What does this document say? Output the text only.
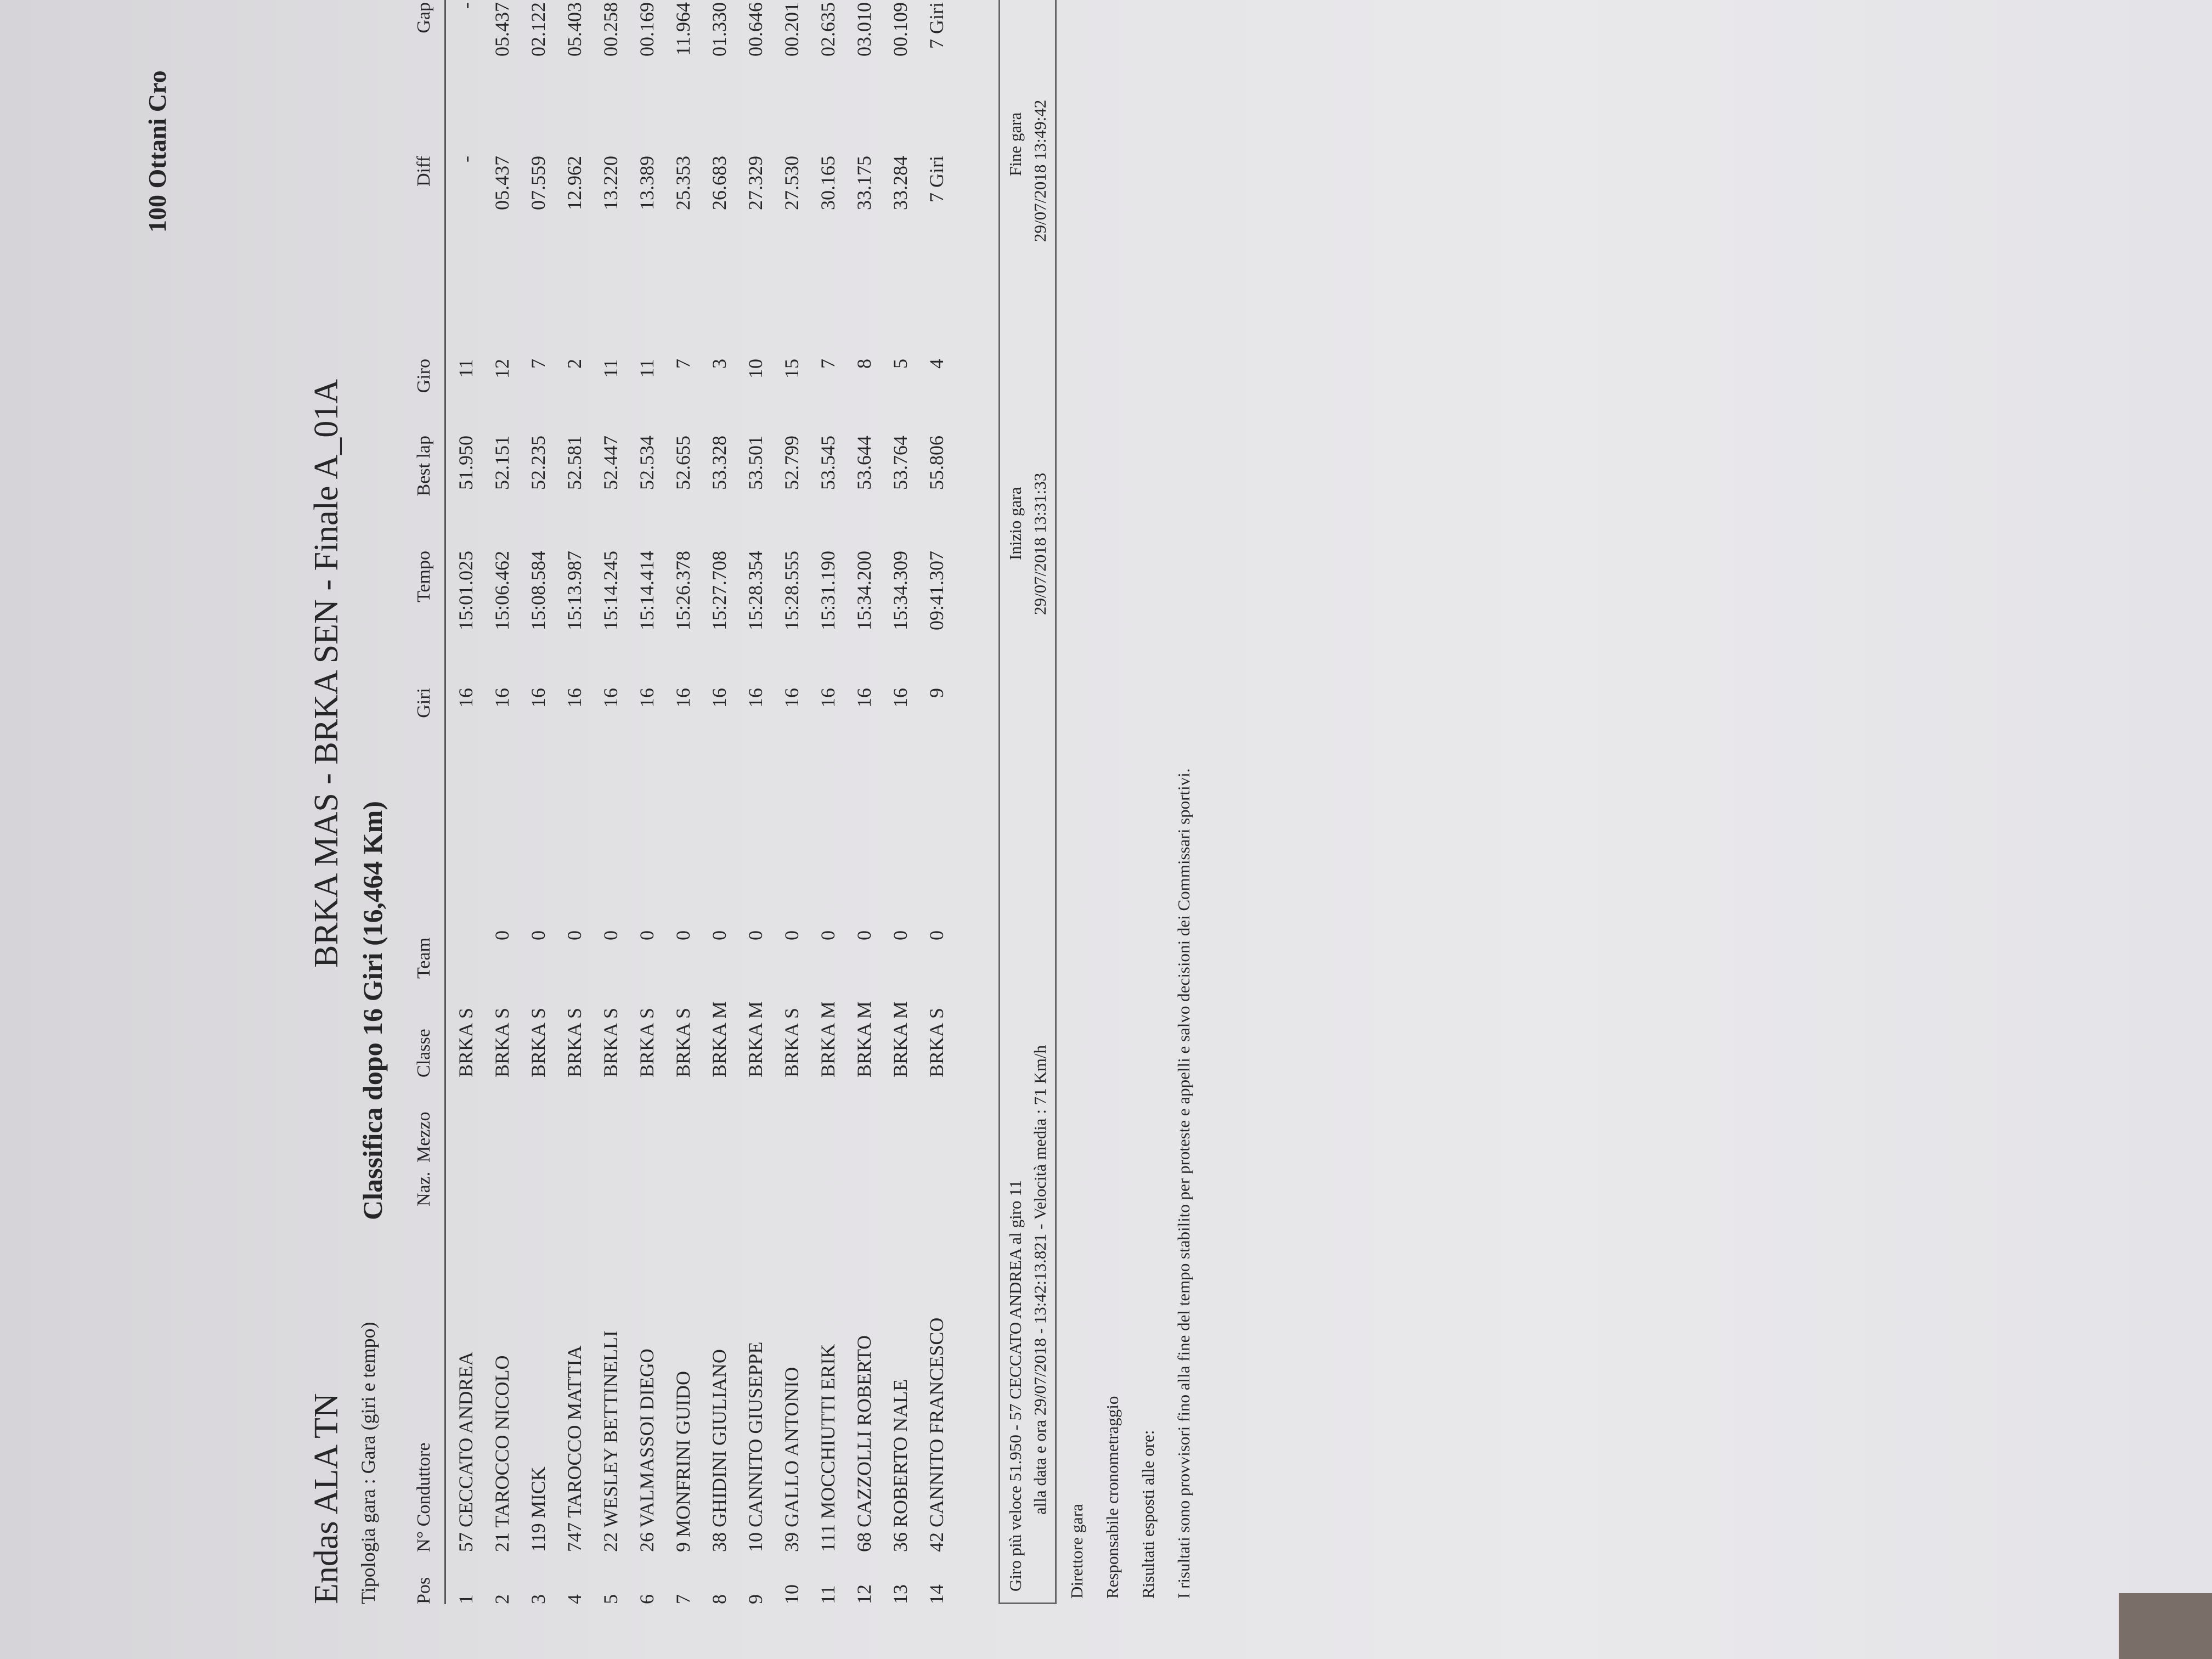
100 Ottani Cro
Endas ALA TN
BRKA MAS - BRKA SEN - Finale A_01A
Tipologia gara : Gara (giri e tempo)
Classifica dopo 16 Giri (16,464 Km)
Pos
N° Conduttore
Naz.
Mezzo
Classe
Team
Giri
Tempo
Best lap
Giro
Diff
Gap
1
57 CECCATO ANDREA
BRKA S
16
15:01.025
51.950
11
-
-
2
21 TAROCCO NICOLO
BRKA S
0
16
15:06.462
52.151
12
05.437
05.437
3
119 MICK
BRKA S
0
16
15:08.584
52.235
7
07.559
02.122
4
747 TAROCCO MATTIA
BRKA S
0
16
15:13.987
52.581
2
12.962
05.403
5
22 WESLEY BETTINELLI
BRKA S
0
16
15:14.245
52.447
11
13.220
00.258
6
26 VALMASSOI DIEGO
BRKA S
0
16
15:14.414
52.534
11
13.389
00.169
7
9 MONFRINI GUIDO
BRKA S
0
16
15:26.378
52.655
7
25.353
11.964
8
38 GHIDINI GIULIANO
BRKA M
0
16
15:27.708
53.328
3
26.683
01.330
9
10 CANNITO GIUSEPPE
BRKA M
0
16
15:28.354
53.501
10
27.329
00.646
10
39 GALLO ANTONIO
BRKA S
0
16
15:28.555
52.799
15
27.530
00.201
11
111 MOCCHIUTTI ERIK
BRKA M
0
16
15:31.190
53.545
7
30.165
02.635
12
68 CAZZOLLI ROBERTO
BRKA M
0
16
15:34.200
53.644
8
33.175
03.010
13
36 ROBERTO NALE
BRKA M
0
16
15:34.309
53.764
5
33.284
00.109
14
42 CANNITO FRANCESCO
BRKA S
0
9
09:41.307
55.806
4
7 Giri
7 Giri
Giro più veloce 51.950 - 57 CECCATO ANDREA al giro 11 alla data e ora 29/07/2018 - 13:42:13.821 - Velocità media : 71 Km/h
Inizio gara 29/07/2018 13:31:33
Fine gara 29/07/2018 13:49:42
Direttore gara Responsabile cronometraggio Risultati esposti alle ore: I risultati sono provvisori fino alla fine del tempo stabilito per proteste e appelli e salvo decisioni dei Commissari sportivi.
